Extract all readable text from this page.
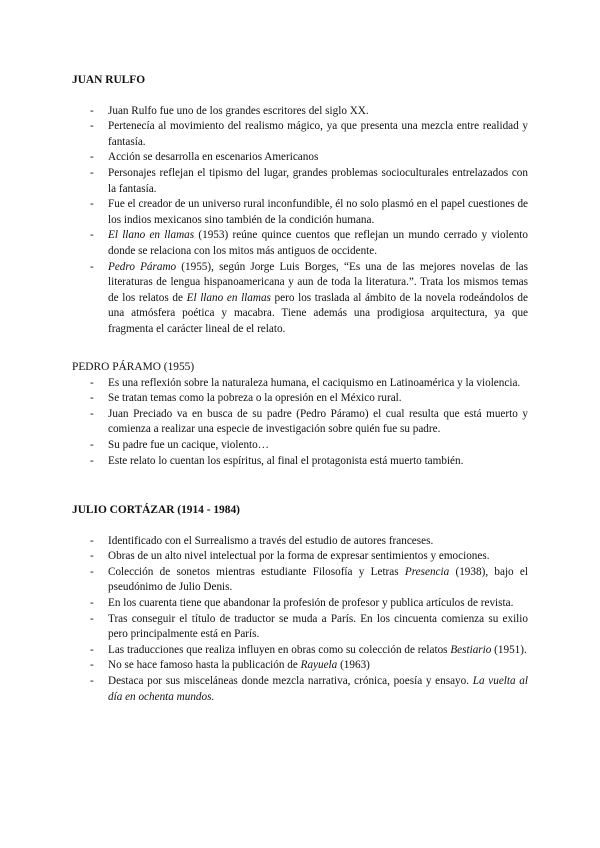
JUAN RULFO

- Juan Rulfo fue uno de los grandes escritores del siglo XX.
- Pertenecía al movimiento del realismo mágico, ya que presenta una mezcla entre realidad y fantasía.
- Acción se desarrolla en escenarios Americanos
- Personajes reflejan el tipismo del lugar, grandes problemas socioculturales entrelazados con la fantasía.
- Fue el creador de un universo rural inconfundible, él no solo plasmó en el papel cuestiones de los indios mexicanos sino también de la condición humana.
- El llano en llamas (1953) reúne quince cuentos que reflejan un mundo cerrado y violento donde se relaciona con los mitos más antiguos de occidente.
- Pedro Páramo (1955), según Jorge Luis Borges, “Es una de las mejores novelas de las literaturas de lengua hispanoamericana y aun de toda la literatura.”. Trata los mismos temas de los relatos de El llano en llamas pero los traslada al ámbito de la novela rodeándolos de una atmósfera poética y macabra. Tiene además una prodigiosa arquitectura, ya que fragmenta el carácter lineal de el relato.

PEDRO PÁRAMO (1955)

- Es una reflexión sobre la naturaleza humana, el caciquismo en Latinoamérica y la violencia.
- Se tratan temas como la pobreza o la opresión en el México rural.
- Juan Preciado va en busca de su padre (Pedro Páramo) el cual resulta que está muerto y comienza a realizar una especie de investigación sobre quién fue su padre.
- Su padre fue un cacique, violento…
- Este relato lo cuentan los espíritus, al final el protagonista está muerto también.

JULIO CORTÁZAR (1914 - 1984)

- Identificado con el Surrealismo a través del estudio de autores franceses.
- Obras de un alto nivel intelectual por la forma de expresar sentimientos y emociones.
- Colección de sonetos mientras estudiante Filosofía y Letras Presencia (1938), bajo el pseudónimo de Julio Denis.
- En los cuarenta tiene que abandonar la profesión de profesor y publica artículos de revista.
- Tras conseguir el título de traductor se muda a París. En los cincuenta comienza su exilio pero principalmente está en París.
- Las traducciones que realiza influyen en obras como su colección de relatos Bestiario (1951).
- No se hace famoso hasta la publicación de Rayuela (1963)
- Destaca por sus misceláneas donde mezcla narrativa, crónica, poesía y ensayo. La vuelta al día en ochenta mundos.
